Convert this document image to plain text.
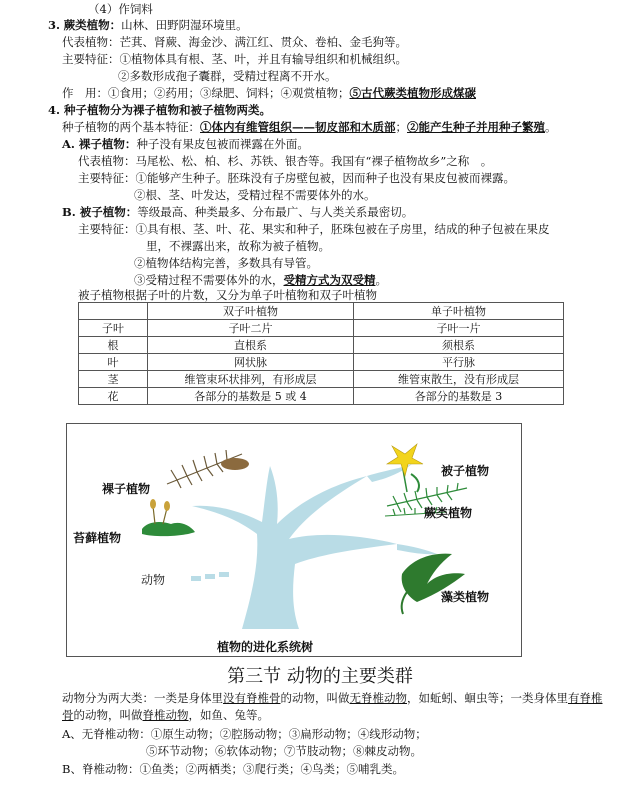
（4）作饲料
3. 蕨类植物：山林、田野阴湿环境里。
代表植物：芒萁、肾蕨、海金沙、满江红、贯众、卷柏、金毛狗等。
主要特征：①植物体具有根、茎、叶，并且有输导组织和机械组织。
②多数形成孢子囊群，受精过程离不开水。
作　用：①食用；②药用；③绿肥、饲料；④观赏植物；⑤古代蕨类植物形成煤碳
4. 种子植物分为裸子植物和被子植物两类。
种子植物的两个基本特征：①体内有维管组织——韧皮部和木质部；②能产生种子并用种子繁殖。
A. 裸子植物：种子没有果皮包被而裸露在外面。
代表植物：马尾松、松、柏、杉、苏铁、银杏等。我国有“裸子植物故乡”之称　。
主要特征：①能够产生种子。胚珠没有子房壁包被，因而种子也没有果皮包被而裸露。
②根、茎、叶发达，受精过程不需要体外的水。
B. 被子植物：等级最高、种类最多、分布最广、与人类关系最密切。
主要特征：①具有根、茎、叶、花、果实和种子，胚珠包被在子房里，结成的种子包被在果皮
里，不裸露出来，故称为被子植物。
②植物体结构完善，多数具有导管。
③受精过程不需要体外的水，受精方式为双受精。
被子植物根据子叶的片数，又分为单子叶植物和双子叶植物
	双子叶植物	单子叶植物
子叶	子叶二片	子叶一片
根	直根系	须根系
叶	网状脉	平行脉
茎	维管束环状排列，有形成层	维管束散生，没有形成层
花	各部分的基数是 5 或 4	各部分的基数是 3
裸子植物
苔藓植物
动物
被子植物
蕨类植物
藻类植物
植物的进化系统树
第三节 动物的主要类群
动物分为两大类：一类是身体里没有脊椎骨的动物，叫做无脊椎动物，如蚯蚓、蛔虫等；一类身体里有脊椎
骨的动物，叫做脊椎动物，如鱼、兔等。
A、无脊椎动物：①原生动物；②腔肠动物；③扁形动物；④线形动物；
⑤环节动物；⑥软体动物；⑦节肢动物；⑧棘皮动物。
B、脊椎动物：①鱼类；②两栖类；③爬行类；④鸟类；⑤哺乳类。
